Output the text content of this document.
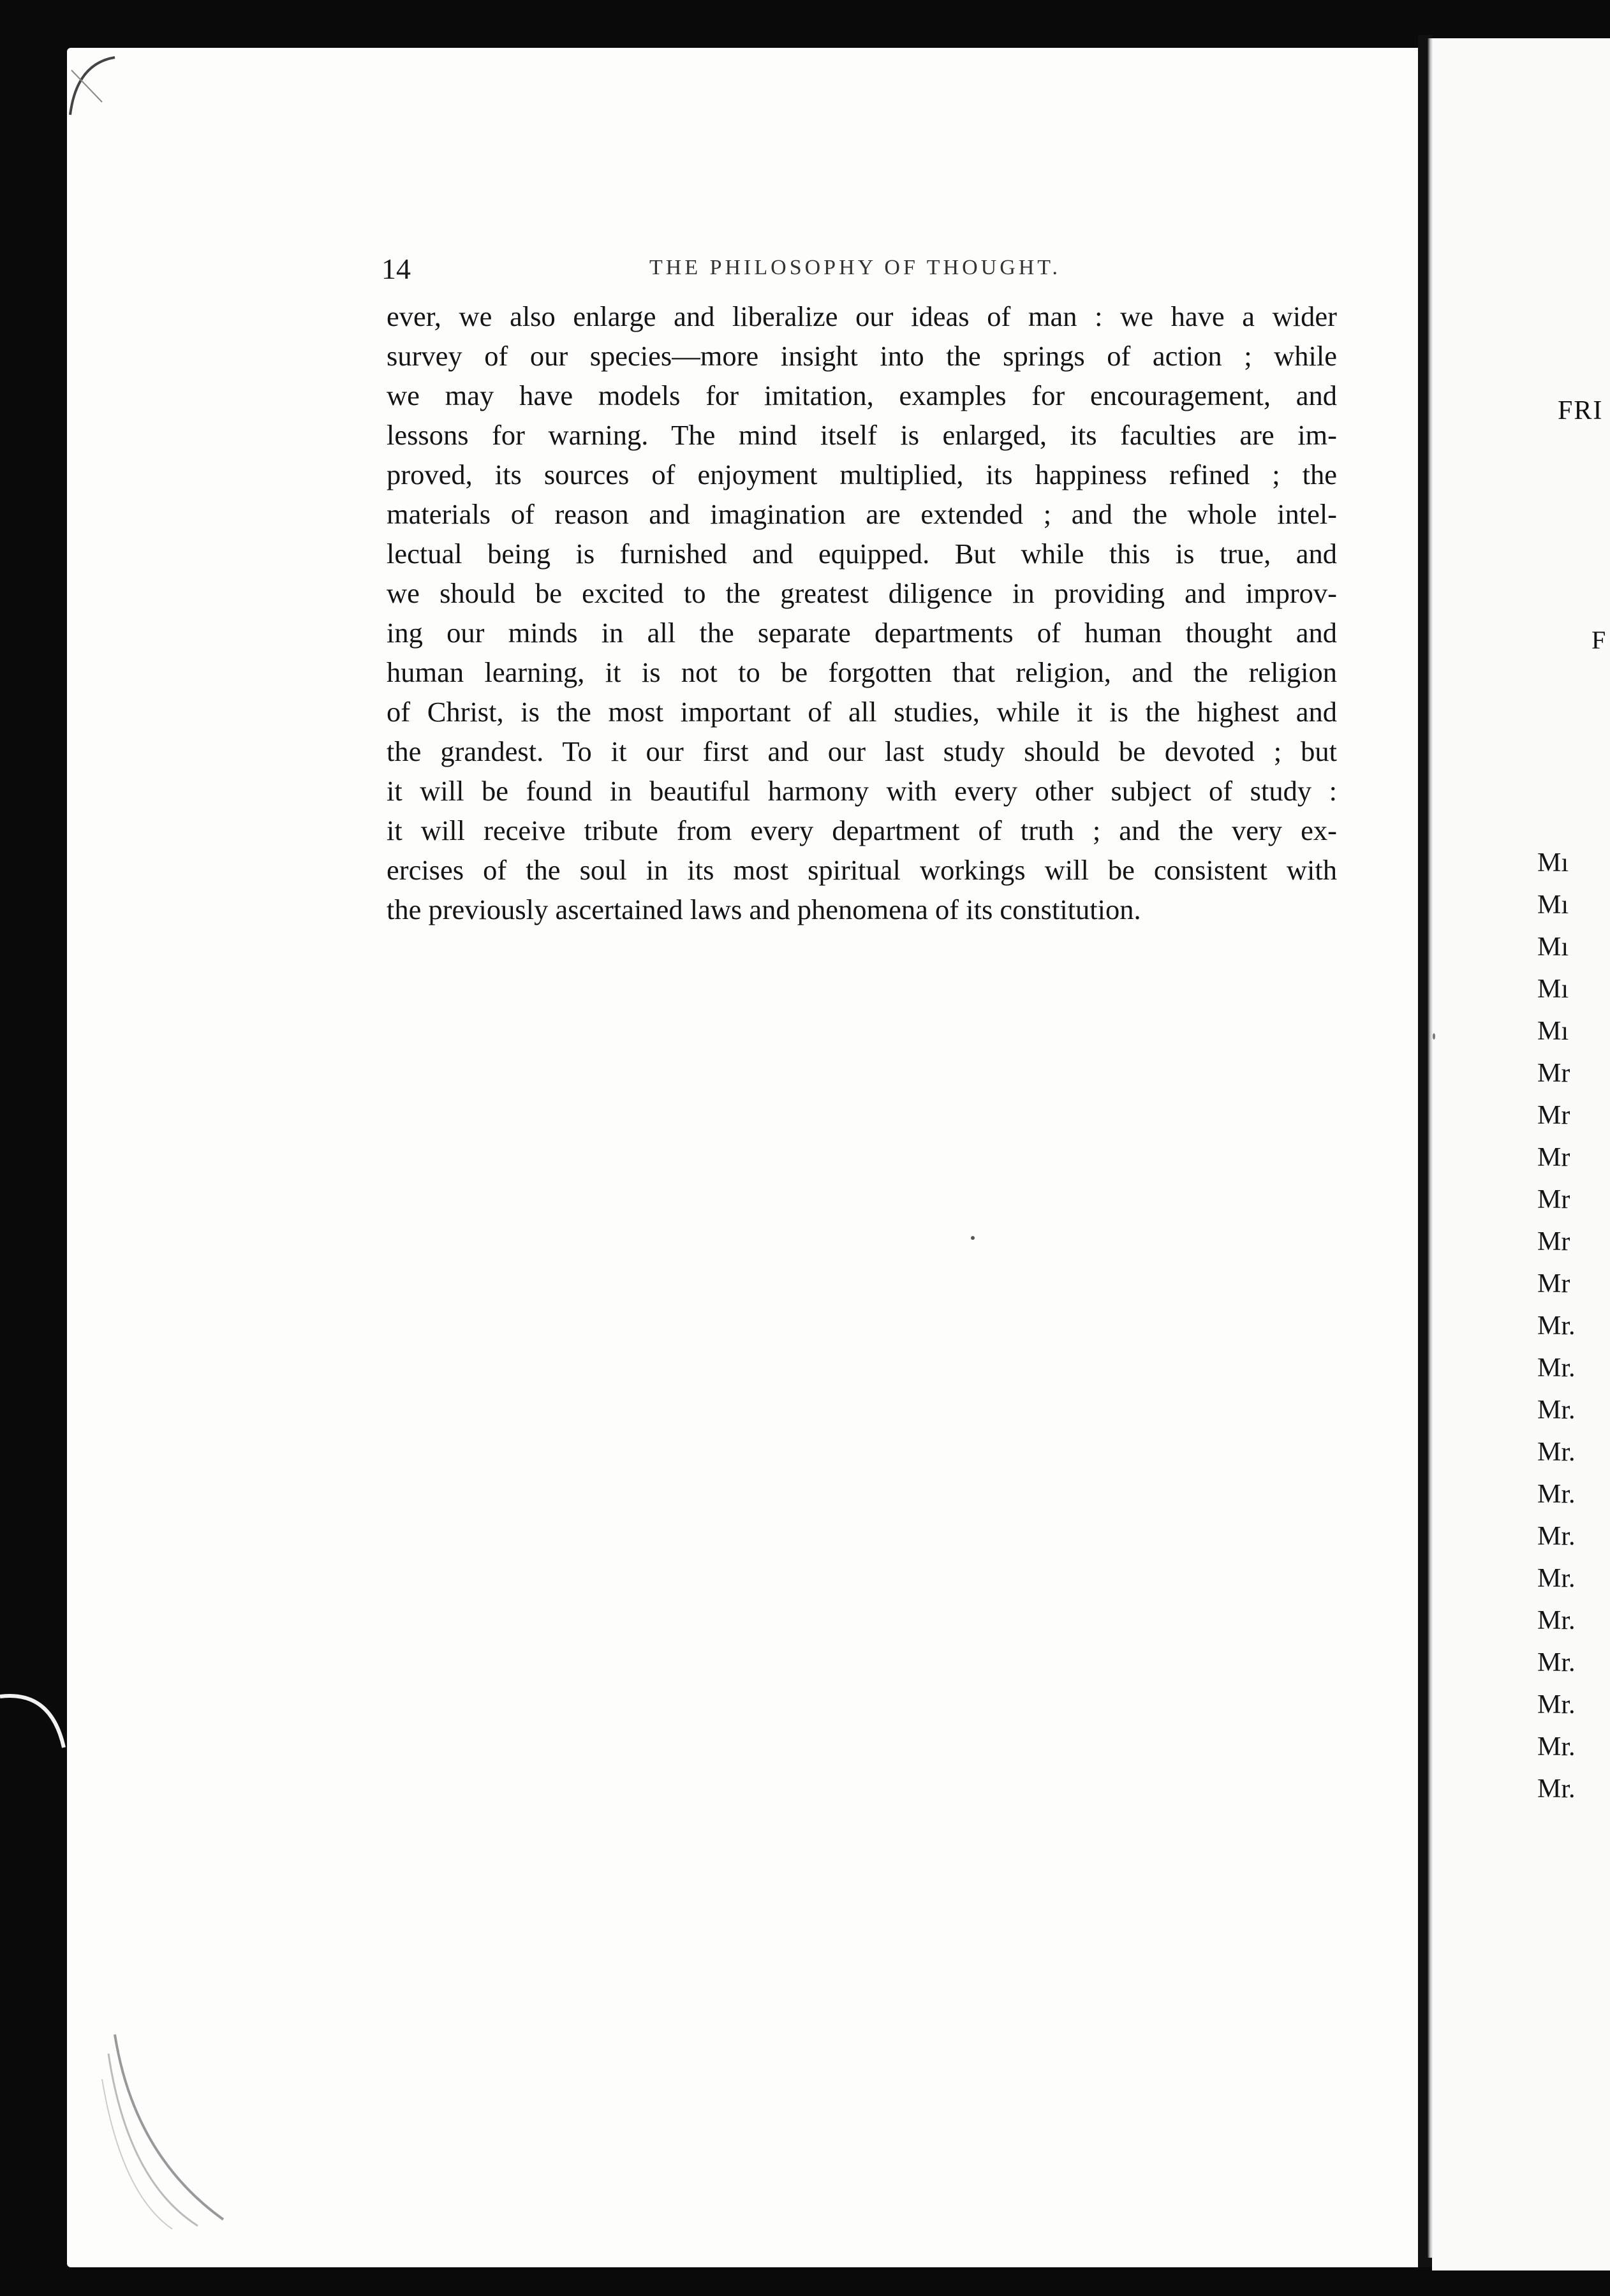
14	THE PHILOSOPHY OF THOUGHT.
ever, we also enlarge and liberalize our ideas of man : we have a wider
survey of our species—more insight into the springs of action ; while
we may have models for imitation, examples for encouragement, and
lessons for warning. The mind itself is enlarged, its faculties are im-
proved, its sources of enjoyment multiplied, its happiness refined ; the
materials of reason and imagination are extended ; and the whole intel-
lectual being is furnished and equipped. But while this is true, and
we should be excited to the greatest diligence in providing and improv-
ing our minds in all the separate departments of human thought and
human learning, it is not to be forgotten that religion, and the religion
of Christ, is the most important of all studies, while it is the highest and
the grandest. To it our first and our last study should be devoted ; but
it will be found in beautiful harmony with every other subject of study :
it will receive tribute from every department of truth ; and the very ex-
ercises of the soul in its most spiritual workings will be consistent with
the previously ascertained laws and phenomena of its constitution.
FRI
F
Mı
Mı
Mı
Mı
Mı
Mr
Mr
Mr
Mr
Mr
Mr
Mr.
Mr.
Mr.
Mr.
Mr.
Mr.
Mr.
Mr.
Mr.
Mr.
Mr.
Mr.
